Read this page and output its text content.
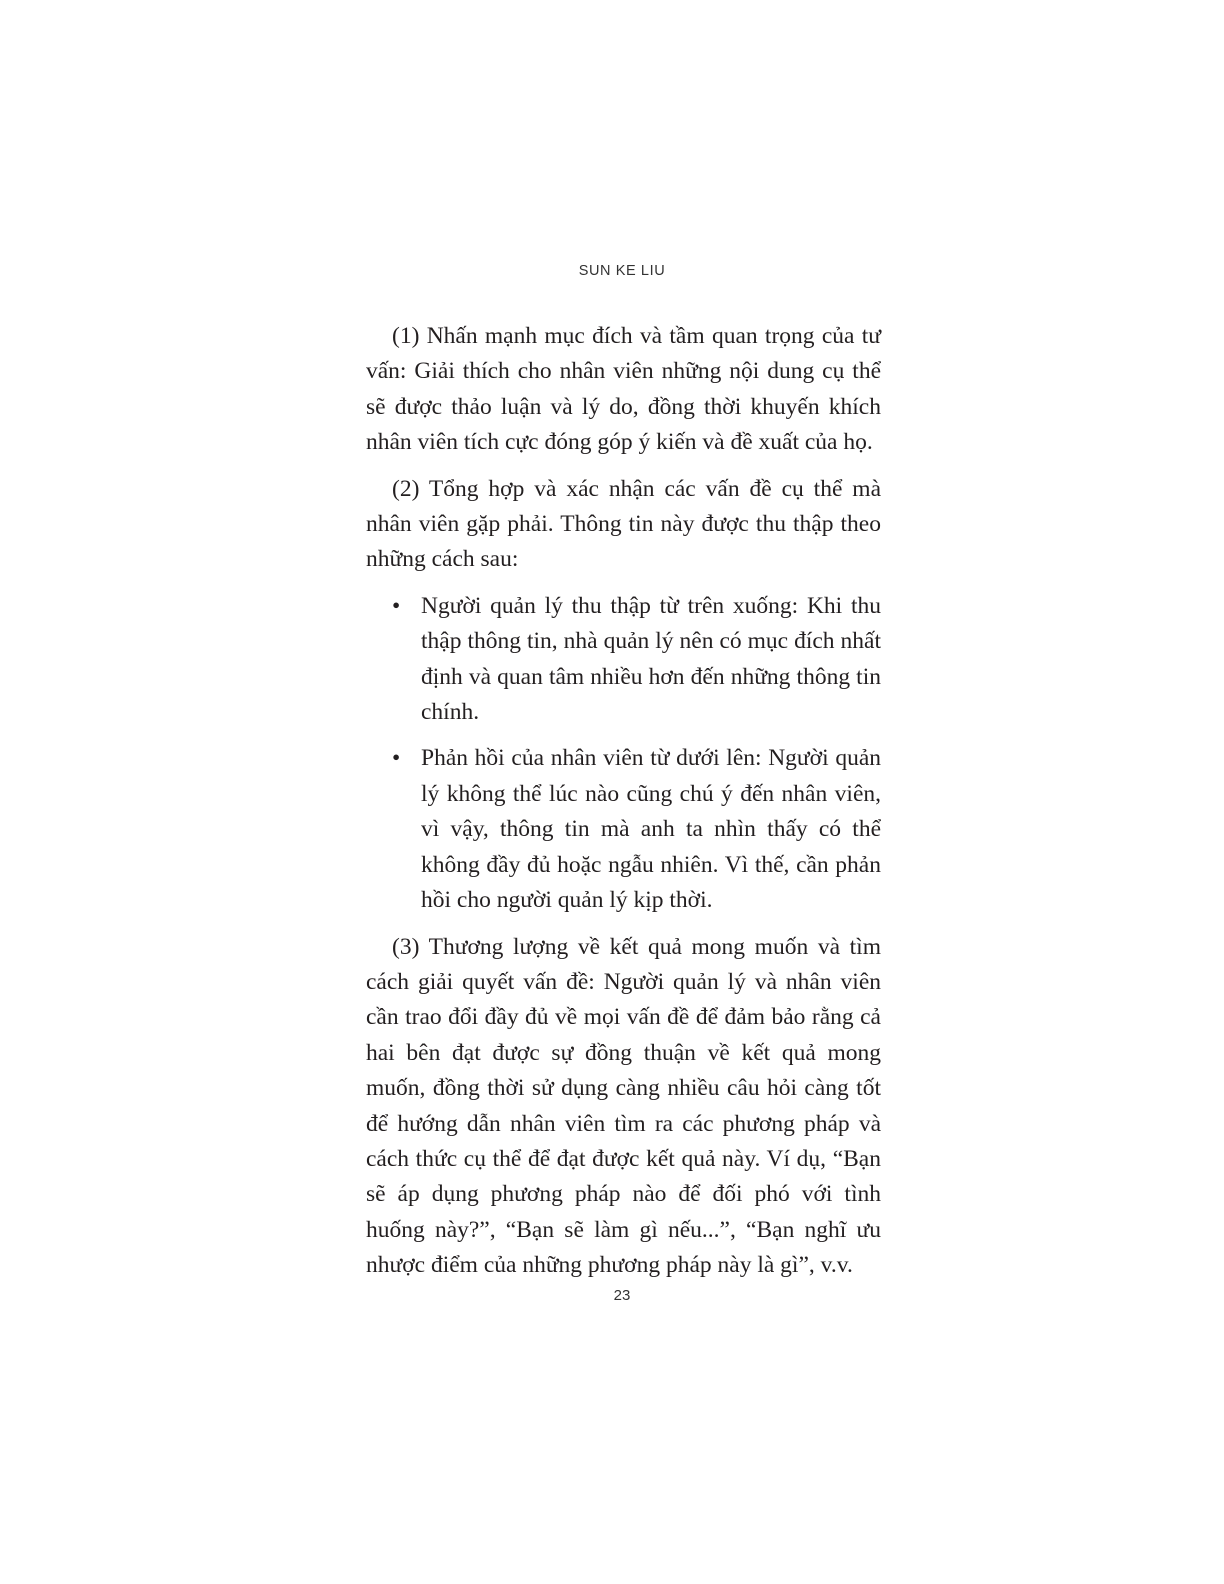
SUN KE LIU

(1) Nhấn mạnh mục đích và tầm quan trọng của tư vấn: Giải thích cho nhân viên những nội dung cụ thể sẽ được thảo luận và lý do, đồng thời khuyến khích nhân viên tích cực đóng góp ý kiến và đề xuất của họ.

(2) Tổng hợp và xác nhận các vấn đề cụ thể mà nhân viên gặp phải. Thông tin này được thu thập theo những cách sau:

• Người quản lý thu thập từ trên xuống: Khi thu thập thông tin, nhà quản lý nên có mục đích nhất định và quan tâm nhiều hơn đến những thông tin chính.
• Phản hồi của nhân viên từ dưới lên: Người quản lý không thể lúc nào cũng chú ý đến nhân viên, vì vậy, thông tin mà anh ta nhìn thấy có thể không đầy đủ hoặc ngẫu nhiên. Vì thế, cần phản hồi cho người quản lý kịp thời.

(3) Thương lượng về kết quả mong muốn và tìm cách giải quyết vấn đề: Người quản lý và nhân viên cần trao đổi đầy đủ về mọi vấn đề để đảm bảo rằng cả hai bên đạt được sự đồng thuận về kết quả mong muốn, đồng thời sử dụng càng nhiều câu hỏi càng tốt để hướng dẫn nhân viên tìm ra các phương pháp và cách thức cụ thể để đạt được kết quả này. Ví dụ, “Bạn sẽ áp dụng phương pháp nào để đối phó với tình huống này?”, “Bạn sẽ làm gì nếu...”, “Bạn nghĩ ưu nhược điểm của những phương pháp này là gì”, v.v.

23
